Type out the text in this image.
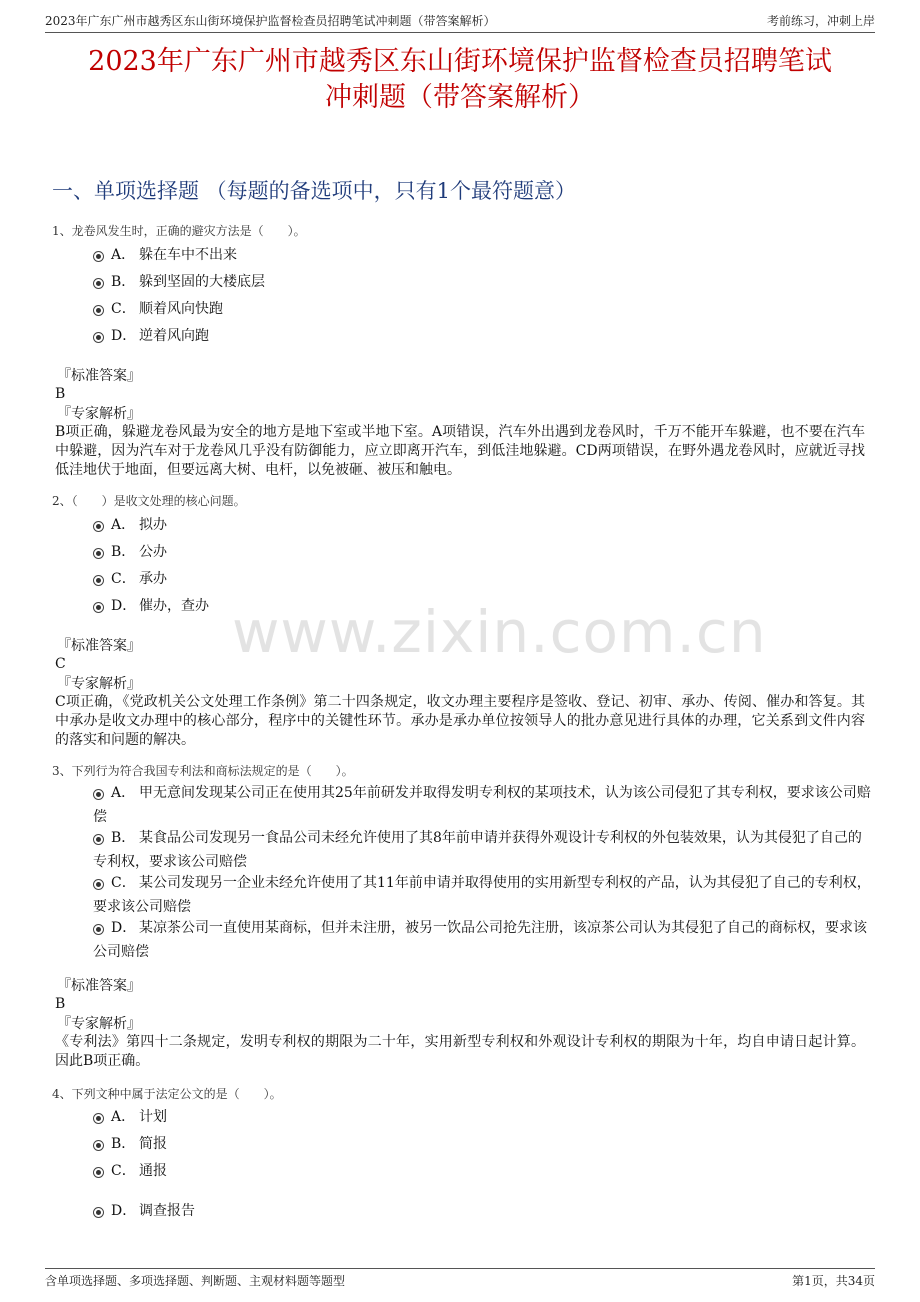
2023年广东广州市越秀区东山街环境保护监督检查员招聘笔试冲刺题（带答案解析）	考前练习，冲刺上岸
2023年广东广州市越秀区东山街环境保护监督检查员招聘笔试
冲刺题（带答案解析）
一、单项选择题 （每题的备选项中，只有1个最符题意）
1、龙卷风发生时，正确的避灾方法是（　　）。
A． 躲在车中不出来
B． 躲到坚固的大楼底层
C． 顺着风向快跑
D． 逆着风向跑
『标准答案』
B
『专家解析』
B项正确，躲避龙卷风最为安全的地方是地下室或半地下室。A项错误，汽车外出遇到龙卷风时，千万不能开车躲避，也不要在汽车中躲避，因为汽车对于龙卷风几乎没有防御能力，应立即离开汽车，到低洼地躲避。CD两项错误，在野外遇龙卷风时，应就近寻找低洼地伏于地面，但要远离大树、电杆，以免被砸、被压和触电。
2、（　　）是收文处理的核心问题。
A． 拟办
B． 公办
C． 承办
D． 催办，查办 www.zixin.com.cn
『标准答案』
C
『专家解析』
C项正确，《党政机关公文处理工作条例》第二十四条规定，收文办理主要程序是签收、登记、初审、承办、传阅、催办和答复。其中承办是收文办理中的核心部分，程序中的关键性环节。承办是承办单位按领导人的批办意见进行具体的办理，它关系到文件内容的落实和问题的解决。
3、下列行为符合我国专利法和商标法规定的是（　　）。
A． 甲无意间发现某公司正在使用其25年前研发并取得发明专利权的某项技术，认为该公司侵犯了其专利权，要求该公司赔偿
B． 某食品公司发现另一食品公司未经允许使用了其8年前申请并获得外观设计专利权的外包装效果，认为其侵犯了自己的专利权，要求该公司赔偿
C． 某公司发现另一企业未经允许使用了其11年前申请并取得使用的实用新型专利权的产品，认为其侵犯了自己的专利权，要求该公司赔偿
D． 某凉茶公司一直使用某商标，但并未注册，被另一饮品公司抢先注册，该凉茶公司认为其侵犯了自己的商标权，要求该公司赔偿
『标准答案』
B
『专家解析』
《专利法》第四十二条规定，发明专利权的期限为二十年，实用新型专利权和外观设计专利权的期限为十年，均自申请日起计算。因此B项正确。
4、下列文种中属于法定公文的是（　　）。
A． 计划
B． 简报
C． 通报
D． 调查报告
含单项选择题、多项选择题、判断题、主观材料题等题型	第1页，共34页
